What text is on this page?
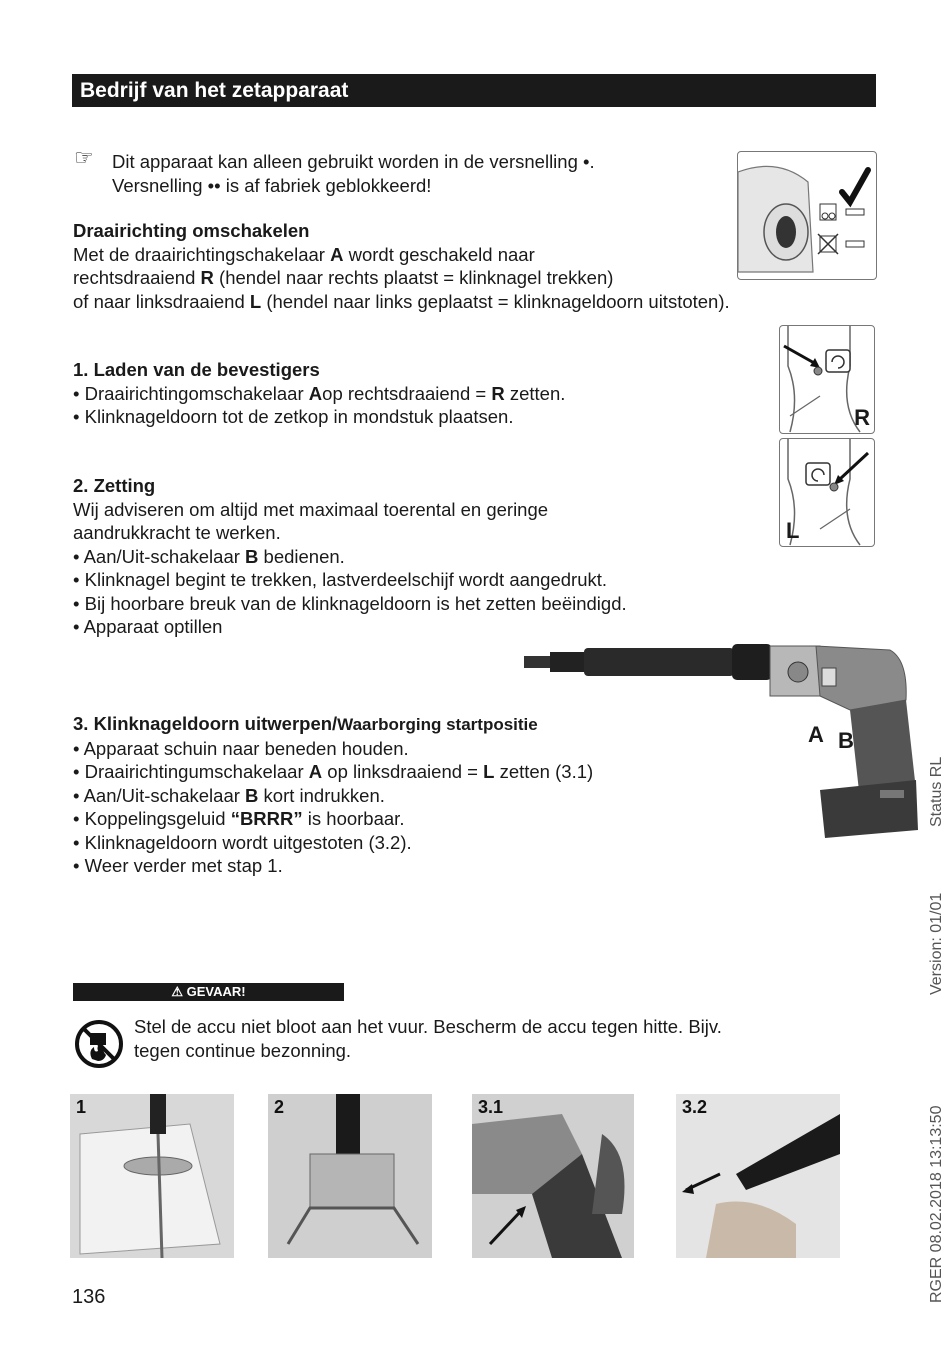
Bedrijf van het zetapparaat
☞ Dit apparaat kan alleen gebruikt worden in de versnelling •.
Versnelling •• is af fabriek geblokkeerd!
Draairichting omschakelen
Met de draairichtingschakelaar A wordt geschakeld naar
rechtsdraaiend R (hendel naar rechts plaatst = klinknagel trekken)
of naar linksdraaiend L (hendel naar links geplaatst = klinknageldoorn uitstoten).
1. Laden van de bevestigers
• Draairichtingomschakelaar Aop rechtsdraaiend = R zetten.
• Klinknageldoorn tot de zetkop in mondstuk plaatsen.	R
2. Zetting
Wij adviseren om altijd met maximaal toerental en geringe
aandrukkracht te werken.
• Aan/Uit-schakelaar B bedienen.
• Klinknagel begint te trekken, lastverdeelschijf wordt aangedrukt.
• Bij hoorbare breuk van de klinknageldoorn is het zetten beëindigd.
• Apparaat optillen
L
A B
3. Klinknageldoorn uitwerpen/Waarborging startpositie
• Apparaat schuin naar beneden houden.
• Draairichtingumschakelaar A op linksdraaiend = L zetten (3.1)
• Aan/Uit-schakelaar B kort indrukken.
• Koppelingsgeluid “BRRR” is hoorbaar.
• Klinknageldoorn wordt uitgestoten (3.2).
• Weer verder met stap 1.
⚠ GEVAAR!
Stel de accu niet bloot aan het vuur. Bescherm de accu tegen hitte. Bijv.
tegen continue bezonning.
1	2	3.1	3.2
136
Status RL
Version: 01/01
RGER 08.02.2018 13:13:50
